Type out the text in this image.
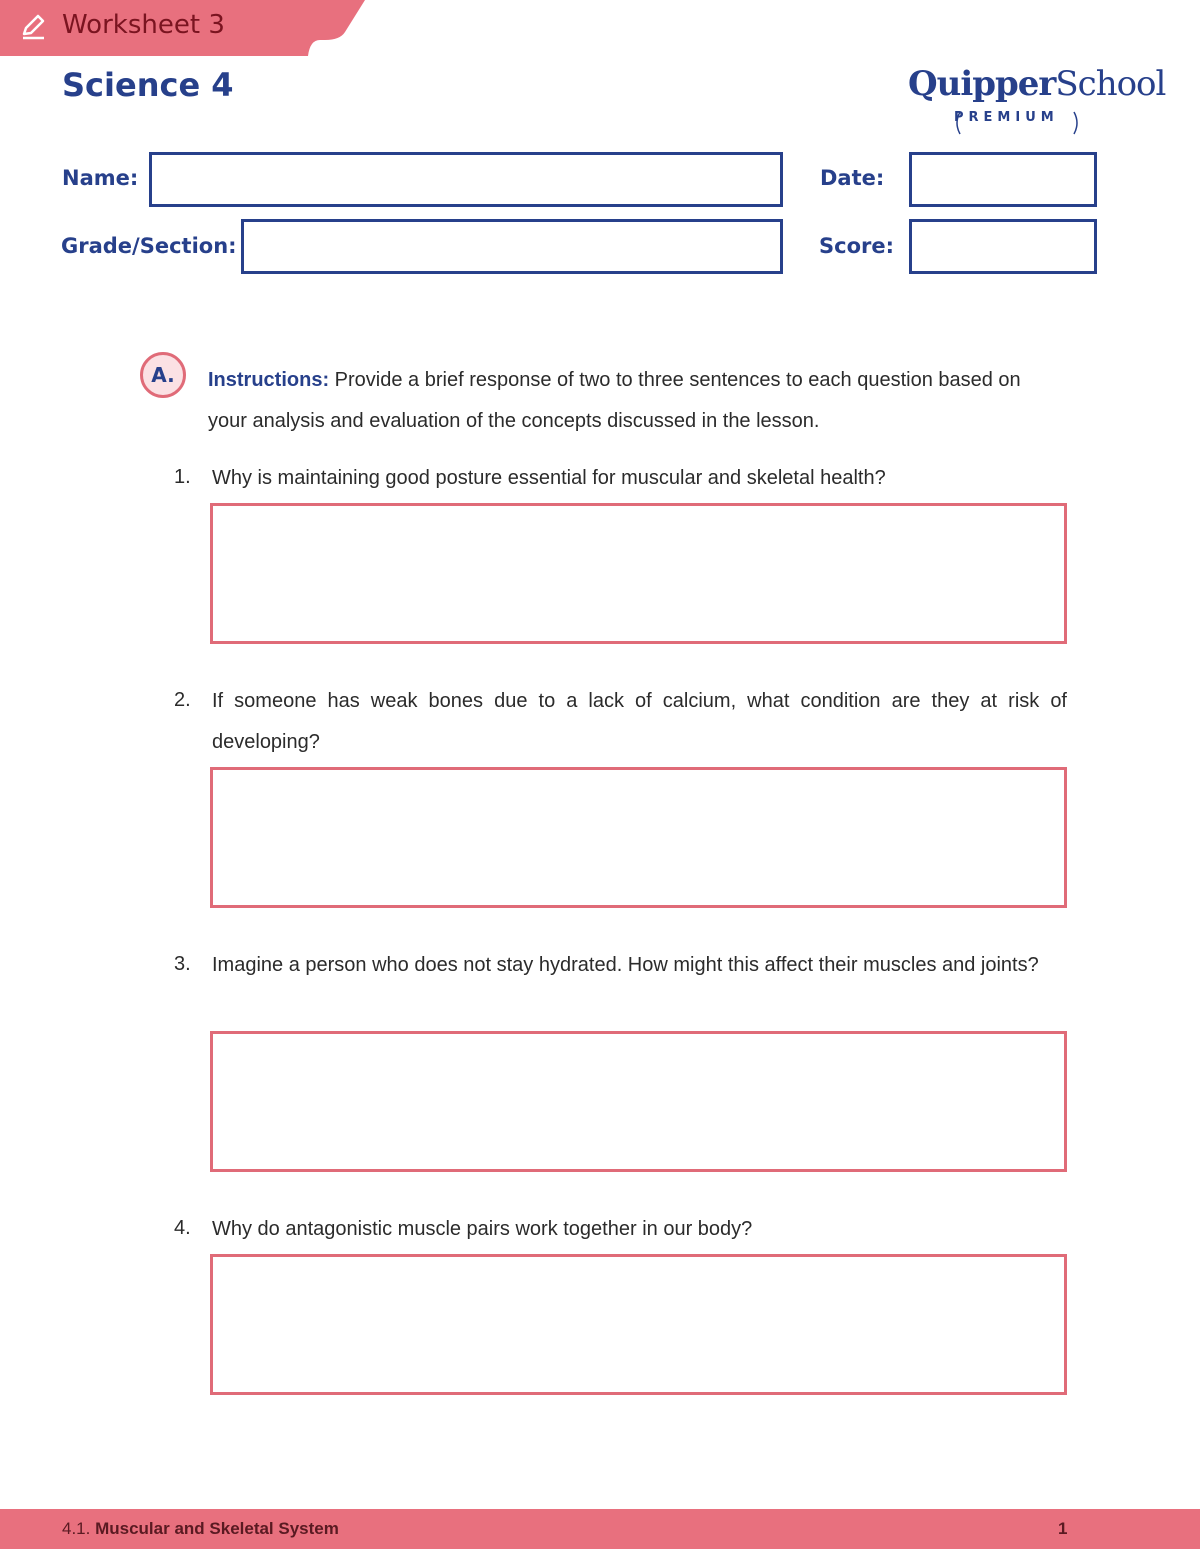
Worksheet 3
Science 4	QuipperSchool
PREMIUM
Name:	Date:
Grade/Section:	Score:
A.	Instructions: Provide a brief response of two to three sentences to each question based on your analysis and evaluation of the concepts discussed in the lesson.
1. Why is maintaining good posture essential for muscular and skeletal health?
2. If someone has weak bones due to a lack of calcium, what condition are they at risk of developing?
3. Imagine a person who does not stay hydrated. How might this affect their muscles and joints?
4. Why do antagonistic muscle pairs work together in our body?
4.1. Muscular and Skeletal System	1
